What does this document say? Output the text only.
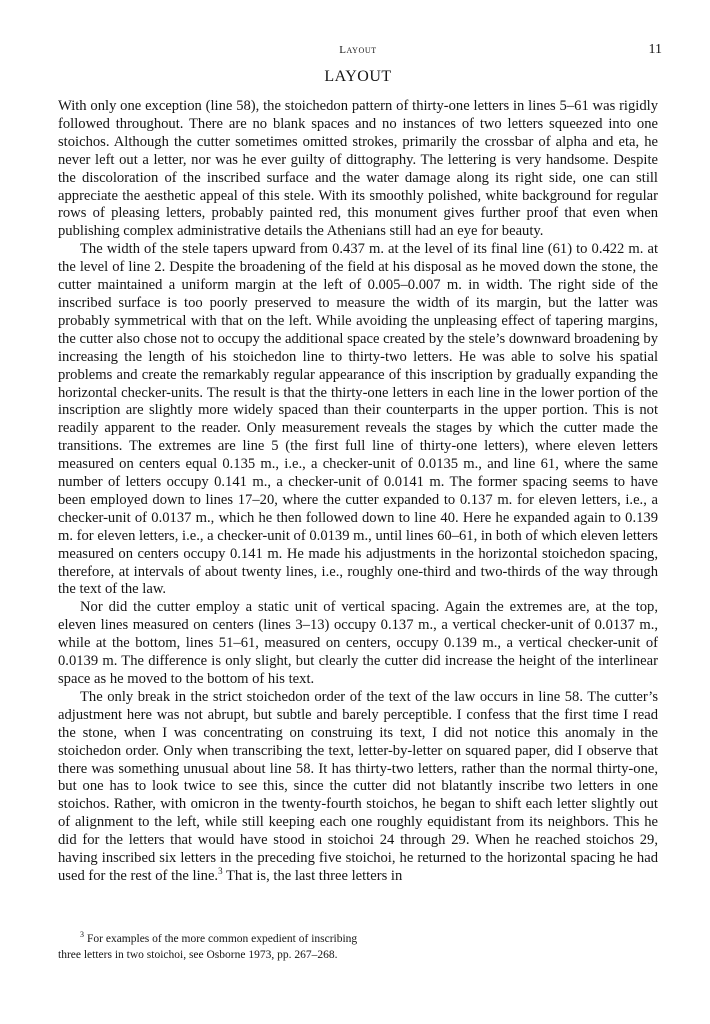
Layout	11
LAYOUT

With only one exception (line 58), the stoichedon pattern of thirty-one letters in lines 5–61 was rigidly followed throughout. There are no blank spaces and no instances of two letters squeezed into one stoichos. Although the cutter sometimes omitted strokes, primarily the crossbar of alpha and eta, he never left out a letter, nor was he ever guilty of dittography. The lettering is very handsome. Despite the discoloration of the inscribed surface and the water damage along its right side, one can still appreciate the aesthetic appeal of this stele. With its smoothly polished, white background for regular rows of pleasing letters, probably painted red, this monument gives further proof that even when publishing complex administrative details the Athenians still had an eye for beauty.

The width of the stele tapers upward from 0.437 m. at the level of its final line (61) to 0.422 m. at the level of line 2. Despite the broadening of the field at his disposal as he moved down the stone, the cutter maintained a uniform margin at the left of 0.005–0.007 m. in width. The right side of the inscribed surface is too poorly preserved to measure the width of its margin, but the latter was probably symmetrical with that on the left. While avoiding the unpleasing effect of tapering margins, the cutter also chose not to occupy the additional space created by the stele’s downward broadening by increasing the length of his stoichedon line to thirty-two letters. He was able to solve his spatial problems and create the remarkably regular appearance of this inscription by gradually expanding the horizontal checker-units. The result is that the thirty-one letters in each line in the lower portion of the inscription are slightly more widely spaced than their counterparts in the upper portion. This is not readily apparent to the reader. Only measurement reveals the stages by which the cutter made the transitions. The extremes are line 5 (the first full line of thirty-one letters), where eleven letters measured on centers equal 0.135 m., i.e., a checker-unit of 0.0135 m., and line 61, where the same number of letters occupy 0.141 m., a checker-unit of 0.0141 m. The former spacing seems to have been employed down to lines 17–20, where the cutter expanded to 0.137 m. for eleven letters, i.e., a checker-unit of 0.0137 m., which he then followed down to line 40. Here he expanded again to 0.139 m. for eleven letters, i.e., a checker-unit of 0.0139 m., until lines 60–61, in both of which eleven letters measured on centers occupy 0.141 m. He made his adjustments in the horizontal stoichedon spacing, therefore, at intervals of about twenty lines, i.e., roughly one-third and two-thirds of the way through the text of the law.

Nor did the cutter employ a static unit of vertical spacing. Again the extremes are, at the top, eleven lines measured on centers (lines 3–13) occupy 0.137 m., a vertical checker-unit of 0.0137 m., while at the bottom, lines 51–61, measured on centers, occupy 0.139 m., a vertical checker-unit of 0.0139 m. The difference is only slight, but clearly the cutter did increase the height of the interlinear space as he moved to the bottom of his text.

The only break in the strict stoichedon order of the text of the law occurs in line 58. The cutter’s adjustment here was not abrupt, but subtle and barely perceptible. I confess that the first time I read the stone, when I was concentrating on construing its text, I did not notice this anomaly in the stoichedon order. Only when transcribing the text, letter-by-letter on squared paper, did I observe that there was something unusual about line 58. It has thirty-two letters, rather than the normal thirty-one, but one has to look twice to see this, since the cutter did not blatantly inscribe two letters in one stoichos. Rather, with omicron in the twenty-fourth stoichos, he began to shift each letter slightly out of alignment to the left, while still keeping each one roughly equidistant from its neighbors. This he did for the letters that would have stood in stoichoi 24 through 29. When he reached stoichos 29, having inscribed six letters in the preceding five stoichoi, he returned to the horizontal spacing he had used for the rest of the line.$^3$ That is, the last three letters in

$^3$ For examples of the more common expedient of inscribing three letters in two stoichoi, see Osborne 1973, pp. 267–268.
